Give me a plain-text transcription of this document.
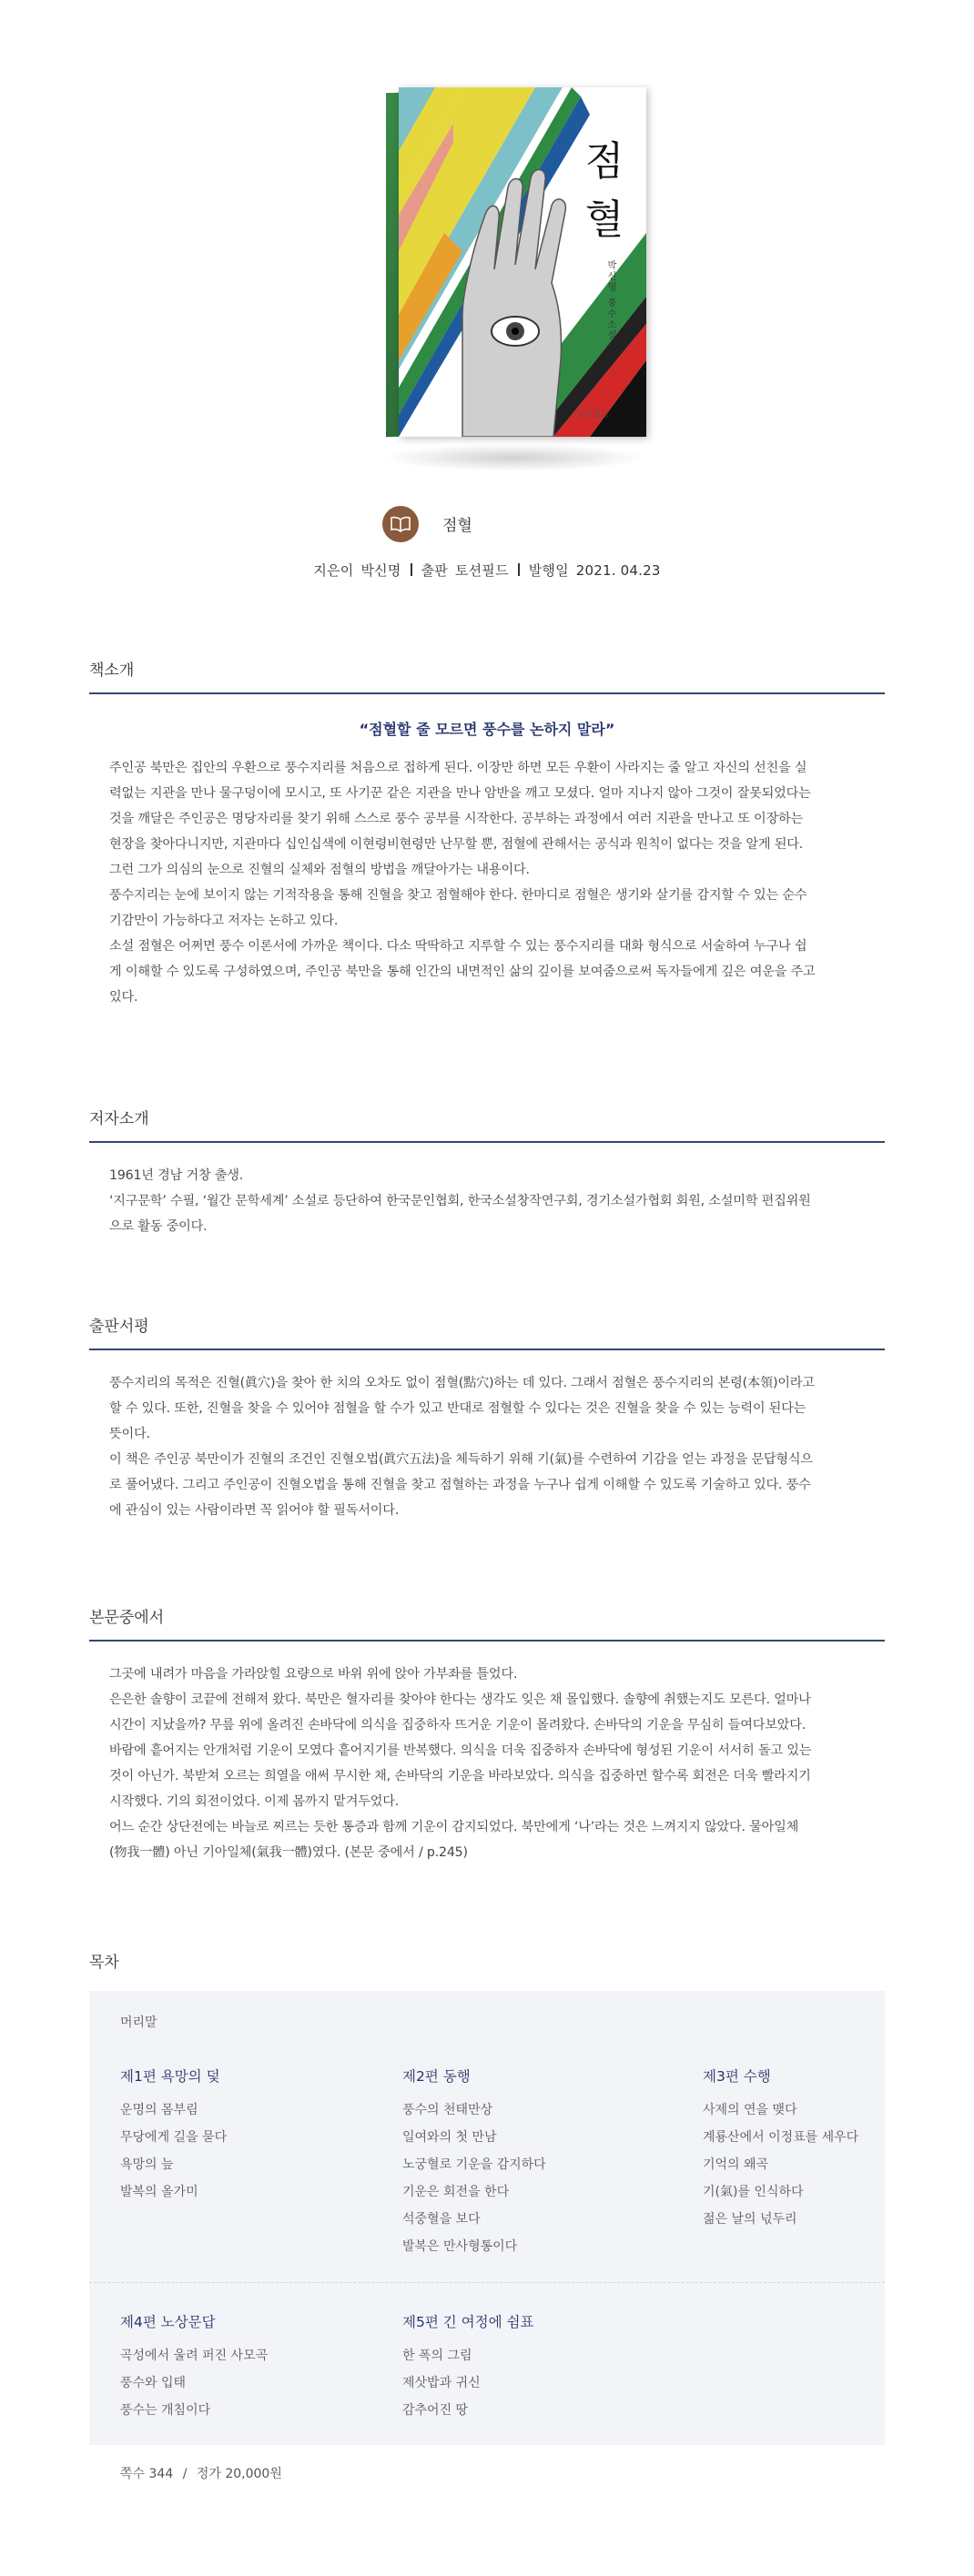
점
혈
박신명 풍수소설
토선필드
점혈
지은이 박신명 출판 토션필드 발행일 2021. 04.23
책소개
“점혈할 줄 모르면 풍수를 논하지 말라”
주인공 북만은 집안의 우환으로 풍수지리를 처음으로 접하게 된다. 이장만 하면 모든 우환이 사라지는 줄 알고 자신의 선친을 실
력없는 지관을 만나 물구덩이에 모시고, 또 사기꾼 같은 지관을 만나 암반을 깨고 모셨다. 얼마 지나지 않아 그것이 잘못되었다는
것을 깨달은 주인공은 명당자리를 찾기 위해 스스로 풍수 공부를 시작한다. 공부하는 과정에서 여러 지관을 만나고 또 이장하는
현장을 찾아다니지만, 지관마다 십인십색에 이현령비현령만 난무할 뿐, 점혈에 관해서는 공식과 원칙이 없다는 것을 알게 된다.
그런 그가 의심의 눈으로 진혈의 실체와 점혈의 방법을 깨달아가는 내용이다.
풍수지리는 눈에 보이지 않는 기적작용을 통해 진혈을 찾고 점혈해야 한다. 한마디로 점혈은 생기와 살기를 감지할 수 있는 순수
기감만이 가능하다고 저자는 논하고 있다.
소설 점혈은 어쩌면 풍수 이론서에 가까운 책이다. 다소 딱딱하고 지루할 수 있는 풍수지리를 대화 형식으로 서술하여 누구나 쉽
게 이해할 수 있도록 구성하였으며, 주인공 북만을 통해 인간의 내면적인 삶의 깊이를 보여줌으로써 독자들에게 깊은 여운을 주고
있다.
저자소개
1961년 경남 거창 출생.
‘지구문학’ 수필, ‘월간 문학세계’ 소설로 등단하여 한국문인협회, 한국소설창작연구회, 경기소설가협회 회원, 소설미학 편집위원
으로 활동 중이다.
출판서평
풍수지리의 목적은 진혈(眞穴)을 찾아 한 치의 오차도 없이 점혈(點穴)하는 데 있다. 그래서 점혈은 풍수지리의 본령(本領)이라고
할 수 있다. 또한, 진혈을 찾을 수 있어야 점혈을 할 수가 있고 반대로 점혈할 수 있다는 것은 진혈을 찾을 수 있는 능력이 된다는
뜻이다.
이 책은 주인공 북만이가 진혈의 조건인 진혈오법(眞穴五法)을 체득하기 위해 기(氣)를 수련하여 기감을 얻는 과정을 문답형식으
로 풀어냈다. 그리고 주인공이 진혈오법을 통해 진혈을 찾고 점혈하는 과정을 누구나 쉽게 이해할 수 있도록 기술하고 있다. 풍수
에 관심이 있는 사람이라면 꼭 읽어야 할 필독서이다.
본문중에서
그곳에 내려가 마음을 가라앉힐 요량으로 바위 위에 앉아 가부좌를 틀었다.
은은한 솔향이 코끝에 전해져 왔다. 북만은 혈자리를 찾아야 한다는 생각도 잊은 채 몰입했다. 솔향에 취했는지도 모른다. 얼마나
시간이 지났을까? 무릎 위에 올려진 손바닥에 의식을 집중하자 뜨거운 기운이 몰려왔다. 손바닥의 기운을 무심히 들여다보았다.
바람에 흩어지는 안개처럼 기운이 모였다 흩어지기를 반복했다. 의식을 더욱 집중하자 손바닥에 형성된 기운이 서서히 돌고 있는
것이 아닌가. 북받쳐 오르는 희열을 애써 무시한 채, 손바닥의 기운을 바라보았다. 의식을 집중하면 할수록 회전은 더욱 빨라지기
시작했다. 기의 회전이었다. 이제 몸까지 맡겨두었다.
어느 순간 상단전에는 바늘로 찌르는 듯한 통증과 함께 기운이 감지되었다. 북만에게 ‘나’라는 것은 느껴지지 않았다. 물아일체
(物我一體) 아닌 기아일체(氣我一體)였다. (본문 중에서 / p.245)
목차
머리말
제1편 욕망의 덫
운명의 몸부림
무당에게 길을 묻다
욕망의 늪
발복의 올가미
제2편 동행
풍수의 천태만상
일여와의 첫 만남
노궁혈로 기운을 감지하다
기운은 회전을 한다
석중혈을 보다
발복은 만사형통이다
제3편 수행
사제의 연을 맺다
계룡산에서 이정표를 세우다
기억의 왜곡
기(氣)를 인식하다
젊은 날의 넋두리
제4편 노상문답
곡성에서 울려 퍼진 사모곡
풍수와 입태
풍수는 개침이다
제5편 긴 여정에 쉼표
한 폭의 그림
제삿밥과 귀신
감추어진 땅
쪽수 344 / 정가 20,000원
